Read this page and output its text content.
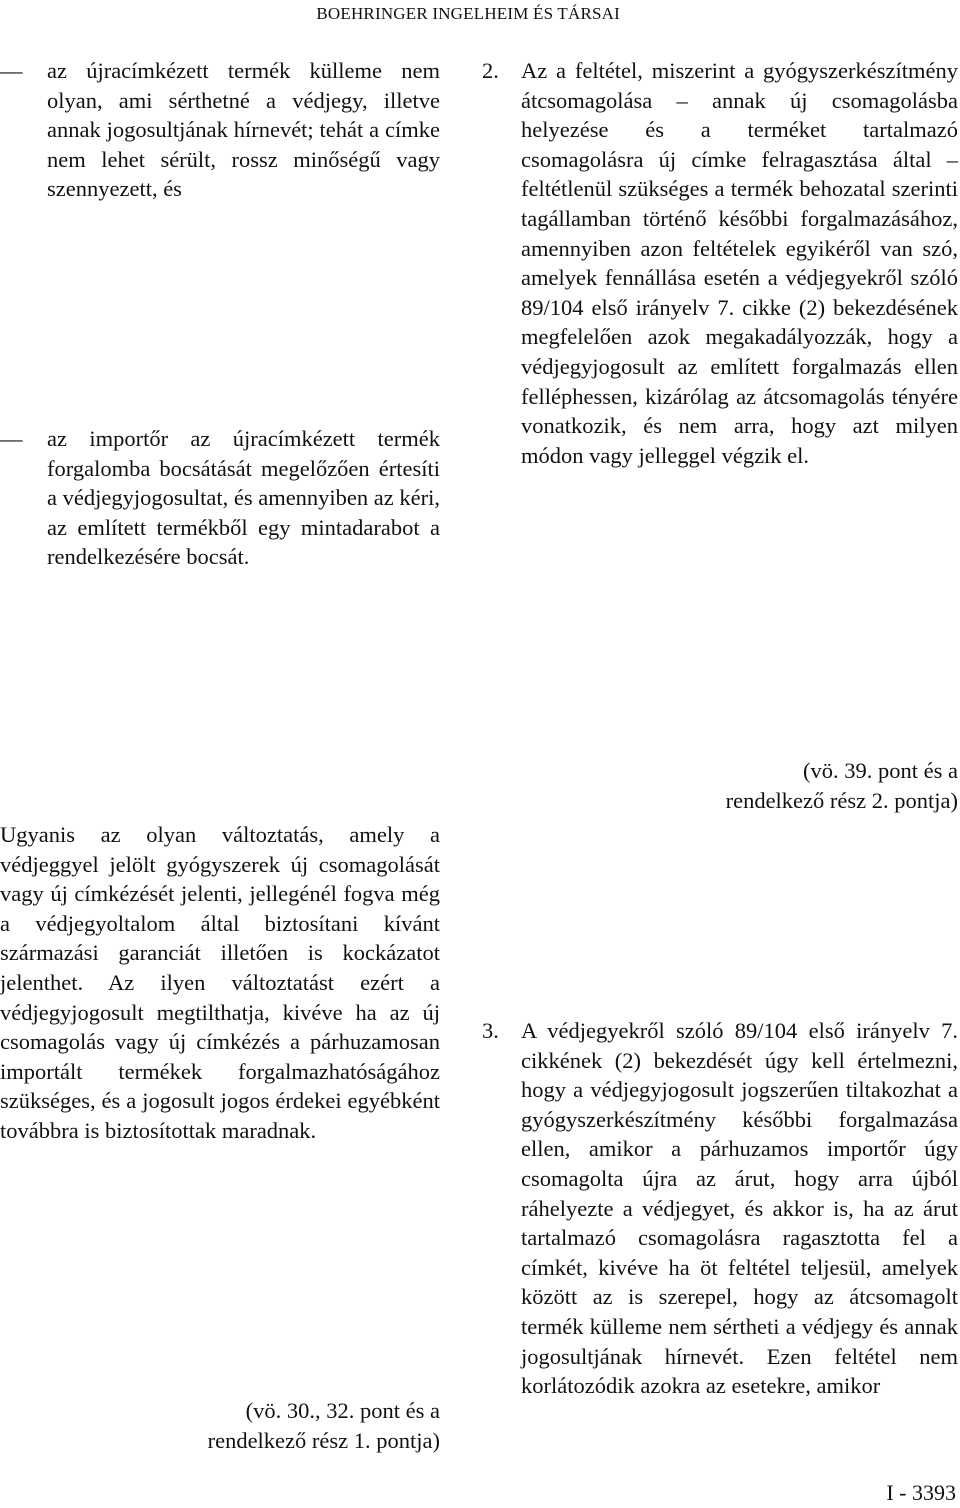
BOEHRINGER INGELHEIM ÉS TÁRSAI
— az újracímkézett termék külleme nem olyan, ami sérthetné a védjegy, illetve annak jogosultjának hírnevét; tehát a címke nem lehet sérült, rossz minőségű vagy szennyezett, és

— az importőr az újracímkézett termék forgalomba bocsátását megelőzően értesíti a védjegyjogosultat, és amennyiben az kéri, az említett termékből egy mintadarabot a rendelkezésére bocsát.

Ugyanis az olyan változtatás, amely a védjeggyel jelölt gyógyszerek új csomagolását vagy új címkézését jelenti, jellegénél fogva még a védjegyoltalom által biztosítani kívánt származási garanciát illetően is kockázatot jelenthet. Az ilyen változtatást ezért a védjegyjogosult megtilthatja, kivéve ha az új csomagolás vagy új címkézés a párhuzamosan importált termékek forgalmazhatóságához szükséges, és a jogosult jogos érdekei egyébként továbbra is biztosítottak maradnak.

(vö. 30., 32. pont és a
rendelkező rész 1. pontja)
2. Az a feltétel, miszerint a gyógyszerkészítmény átcsomagolása – annak új csomagolásba helyezése és a terméket tartalmazó csomagolásra új címke felragasztása által – feltétlenül szükséges a termék behozatal szerinti tagállamban történő későbbi forgalmazásához, amennyiben azon feltételek egyikéről van szó, amelyek fennállása esetén a védjegyekről szóló 89/104 első irányelv 7. cikke (2) bekezdésének megfelelően azok megakadályozzák, hogy a védjegyjogosult az említett forgalmazás ellen felléphessen, kizárólag az átcsomagolás tényére vonatkozik, és nem arra, hogy azt milyen módon vagy jelleggel végzik el.

(vö. 39. pont és a
rendelkező rész 2. pontja)
3. A védjegyekről szóló 89/104 első irányelv 7. cikkének (2) bekezdését úgy kell értelmezni, hogy a védjegyjogosult jogszerűen tiltakozhat a gyógyszerkészítmény későbbi forgalmazása ellen, amikor a párhuzamos importőr úgy csomagolta újra az árut, hogy arra újból ráhelyezte a védjegyet, és akkor is, ha az árut tartalmazó csomagolásra ragasztotta fel a címkét, kivéve ha öt feltétel teljesül, amelyek között az is szerepel, hogy az átcsomagolt termék külleme nem sértheti a védjegy és annak jogosultjának hírnevét. Ezen feltétel nem korlátozódik azokra az esetekre, amikor

I - 3393
